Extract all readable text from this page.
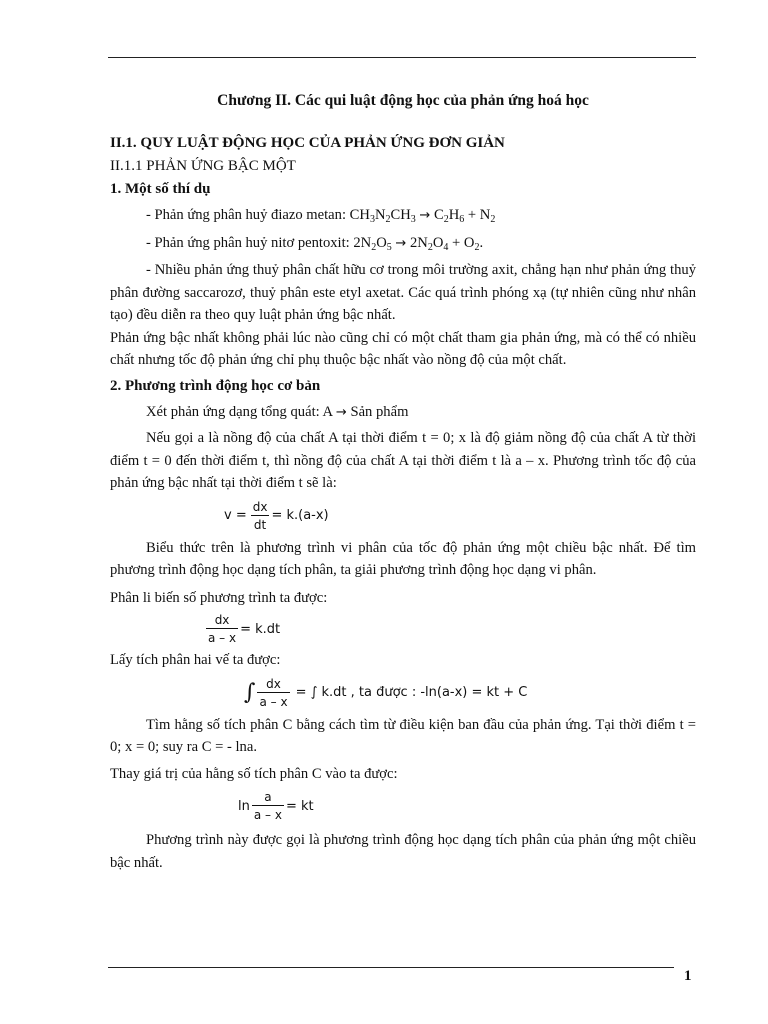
Chương II. Các qui luật động học của phản ứng hoá học
II.1. QUY LUẬT ĐỘNG HỌC CỦA PHẢN ỨNG ĐƠN GIẢN
II.1.1 PHẢN ỨNG BẬC MỘT
1. Một số thí dụ
- Phản ứng phân huỷ điazo metan: $CH_3N_2CH_3 \to C_2H_6 + N_2$
- Phản ứng phân huỷ nitơ pentoxit: $2N_2O_5 \to 2N_2O_4 + O_2$.
- Nhiều phản ứng thuỷ phân chất hữu cơ trong môi trường axit, chẳng hạn như phản ứng thuỷ phân đường saccarozơ, thuỷ phân este etyl axetat. Các quá trình phóng xạ (tự nhiên cũng như nhân tạo) đều diễn ra theo quy luật phản ứng bậc nhất.
Phản ứng bậc nhất không phải lúc nào cũng chỉ có một chất tham gia phản ứng, mà có thể có nhiều chất nhưng tốc độ phản ứng chỉ phụ thuộc bậc nhất vào nồng độ của một chất.
2. Phương trình động học cơ bản
Xét phản ứng dạng tổng quát: A → Sản phẩm
Nếu gọi a là nồng độ của chất A tại thời điểm t = 0; x là độ giảm nồng độ của chất A từ thời điểm t = 0 đến thời điểm t, thì nồng độ của chất A tại thời điểm t là a – x. Phương trình tốc độ của phản ứng bậc nhất tại thời điểm t sẽ là:
$v = \frac{dx}{dt} = k.(a-x)$
Biểu thức trên là phương trình vi phân của tốc độ phản ứng một chiều bậc nhất. Để tìm phương trình động học dạng tích phân, ta giải phương trình động học dạng vi phân.
Phân li biến số phương trình ta được:
$\frac{dx}{a - x} = k.dt$
Lấy tích phân hai vế ta được:
∫ $\frac{dx}{a - x}$ = ∫ k.dt , ta được : -ln(a-x) = kt + C
Tìm hằng số tích phân C bằng cách tìm từ điều kiện ban đầu của phản ứng. Tại thời điểm t = 0; x = 0; suy ra C = - lna.
Thay giá trị của hằng số tích phân C vào ta được:
$\ln \frac{a}{a - x}$ = kt
Phương trình này được gọi là phương trình động học dạng tích phân của phản ứng một chiều bậc nhất.
1
